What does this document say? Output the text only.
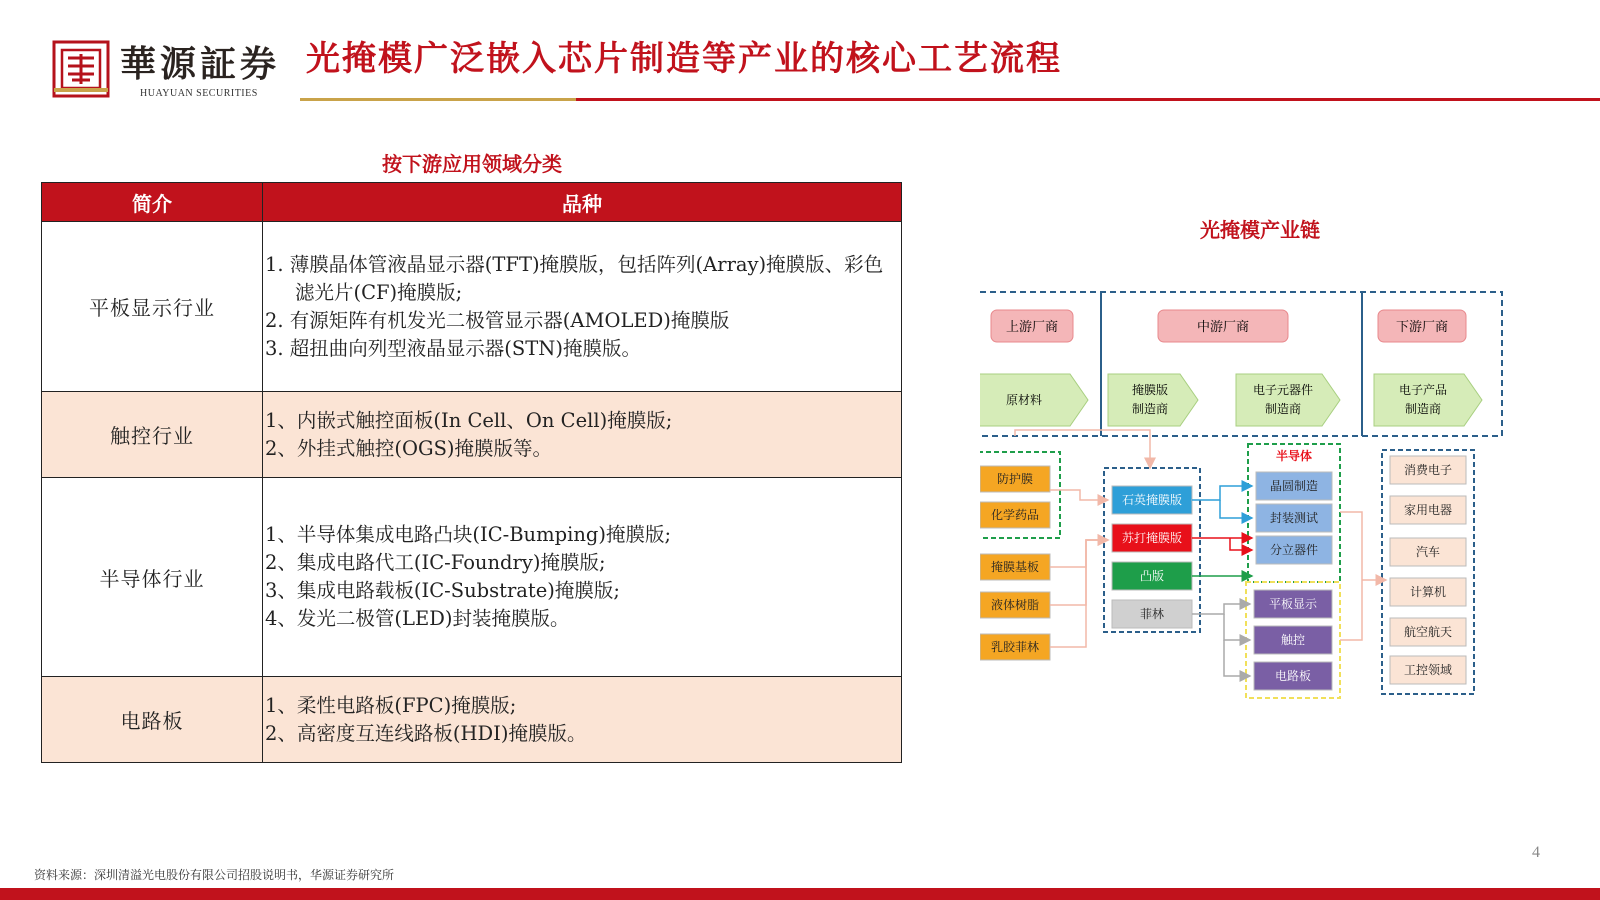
華源証券
HUAYUAN SECURITIES
光掩模广泛嵌入芯片制造等产业的核心工艺流程
按下游应用领域分类
简介	品种
平板显示行业	1. 薄膜晶体管液晶显示器(TFT)掩膜版，包括阵列(Array)掩膜版、彩色滤光片(CF)掩膜版;
2. 有源矩阵有机发光二极管显示器(AMOLED)掩膜版
3. 超扭曲向列型液晶显示器(STN)掩膜版。

触控行业	1、内嵌式触控面板(In Cell、On Cell)掩膜版;
2、外挂式触控(OGS)掩膜版等。

半导体行业	1、半导体集成电路凸块(IC-Bumping)掩膜版;
2、集成电路代工(IC-Foundry)掩膜版;
3、集成电路载板(IC-Substrate)掩膜版;
4、发光二极管(LED)封装掩膜版。

电路板	1、柔性电路板(FPC)掩膜版;
2、高密度互连线路板(HDI)掩膜版。
光掩模产业链
上游厂商	中游厂商	下游厂商
原材料
掩膜版
制造商
电子元器件
制造商
电子产品
制造商
半导体
防护膜
化学药品
掩膜基板
液体树脂
乳胶菲林
石英掩膜版
苏打掩膜版
凸版
菲林
晶圆制造
封装测试
分立器件
平板显示
触控
电路板
消费电子
家用电器
汽车
计算机
航空航天
工控领域
资料来源：深圳清溢光电股份有限公司招股说明书，华源证券研究所
4
